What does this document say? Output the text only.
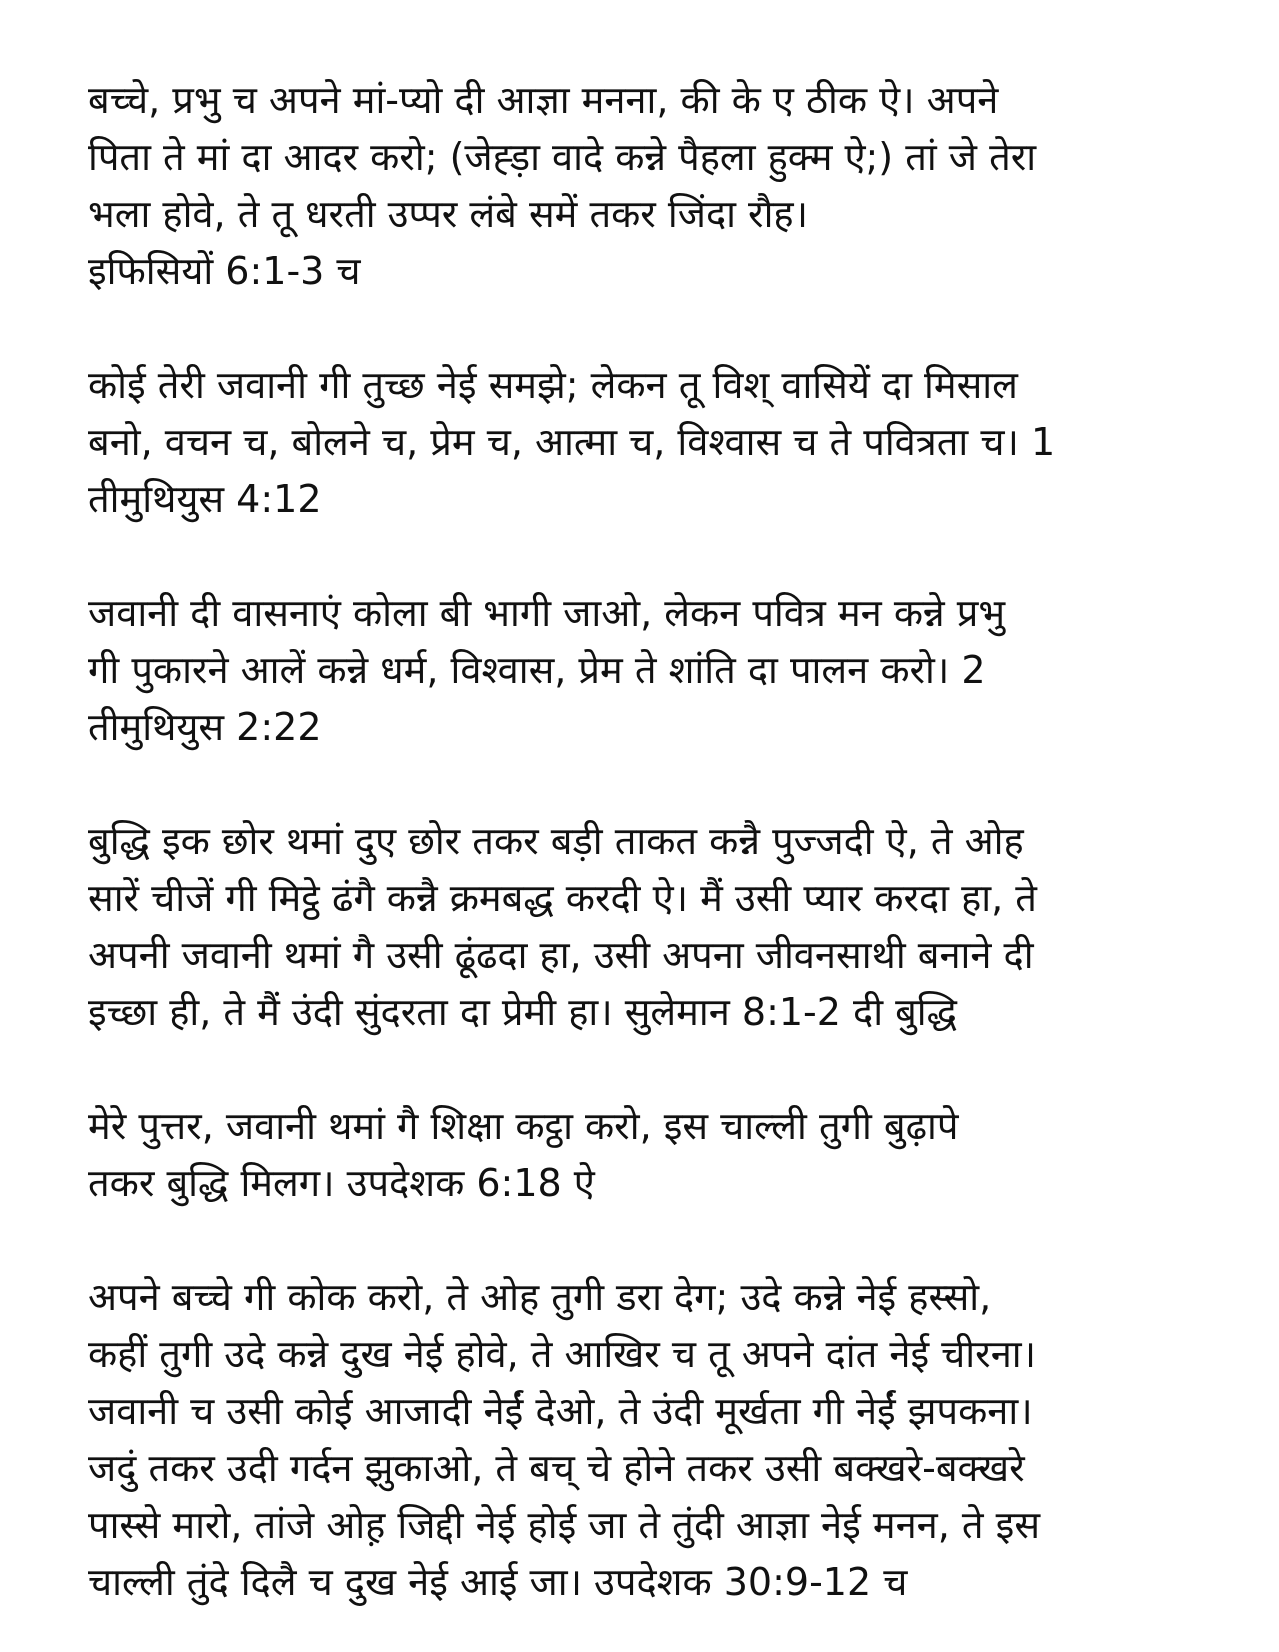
बच्चे, प्रभु च अपने मां-प्यो दी आज्ञा मनना, की के ए ठीक ऐ। अपने
पिता ते मां दा आदर करो; (जेह्ड़ा वादे कन्ने पैहला हुक्म ऐ;) तां जे तेरा
भला होवे, ते तू धरती उप्पर लंबे समें तकर जिंदा रौह।
इफिसियों 6:1-3 च
कोई तेरी जवानी गी तुच्छ नेई समझे; लेकन तू विश् वासियें दा मिसाल
बनो, वचन च, बोलने च, प्रेम च, आत्मा च, विश्वास च ते पवित्रता च। 1
तीमुथियुस 4:12
जवानी दी वासनाएं कोला बी भागी जाओ, लेकन पवित्र मन कन्ने प्रभु
गी पुकारने आलें कन्ने धर्म, विश्वास, प्रेम ते शांति दा पालन करो। 2
तीमुथियुस 2:22
बुद्धि इक छोर थमां दुए छोर तकर बड़ी ताकत कन्नै पुज्जदी ऐ, ते ओह
सारें चीजें गी मिट्ठे ढंगै कन्नै क्रमबद्ध करदी ऐ। मैं उसी प्यार करदा हा, ते
अपनी जवानी थमां गै उसी ढूंढदा हा, उसी अपना जीवनसाथी बनाने दी
इच्छा ही, ते मैं उंदी सुंदरता दा प्रेमी हा। सुलेमान 8:1-2 दी बुद्धि
मेरे पुत्तर, जवानी थमां गै शिक्षा कट्ठा करो, इस चाल्ली तुगी बुढ़ापे
तकर बुद्धि मिलग। उपदेशक 6:18 ऐ
अपने बच्चे गी कोक करो, ते ओह तुगी डरा देग; उदे कन्ने नेई हस्सो,
कहीं तुगी उदे कन्ने दुख नेई होवे, ते आखिर च तू अपने दांत नेई चीरना।
जवानी च उसी कोई आजादी नेईं देओ, ते उंदी मूर्खता गी नेईं झपकना।
जदुं तकर उदी गर्दन झुकाओ, ते बच् चे होने तकर उसी बक्खरे-बक्खरे
पास्से मारो, तांजे ओह़ जिद्दी नेई होई जा ते तुंदी आज्ञा नेई मनन, ते इस
चाल्ली तुंदे दिलै च दुख नेई आई जा। उपदेशक 30:9-12 च
